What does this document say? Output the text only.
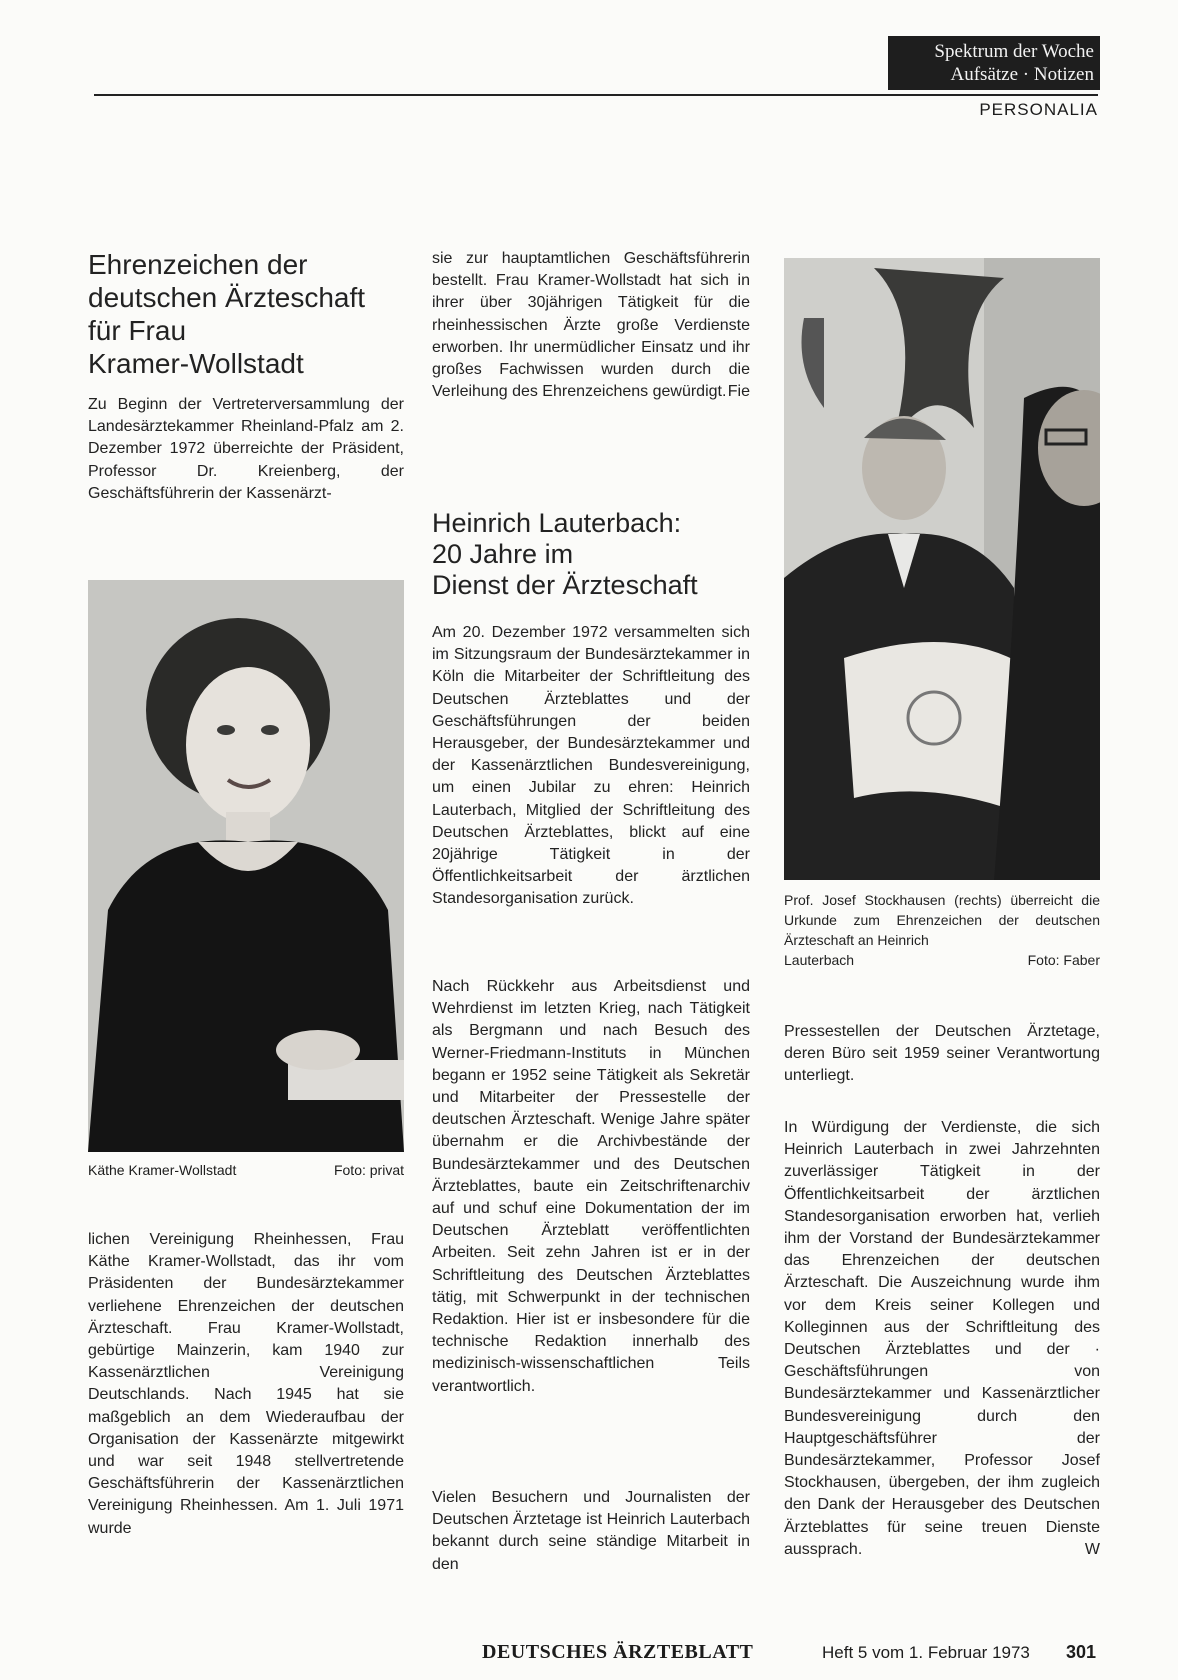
Spektrum der Woche
Aufsätze · Notizen
PERSONALIA
Ehrenzeichen der
deutschen Ärzteschaft
für Frau
Kramer-Wollstadt
Zu Beginn der Vertreterversammlung der Landesärztekammer Rheinland-Pfalz am 2. Dezember 1972 überreichte der Präsident, Professor Dr. Kreienberg, der Geschäftsführerin der Kassenärzt-
Käthe Kramer-Wollstadt	Foto: privat
lichen Vereinigung Rheinhessen, Frau Käthe Kramer-Wollstadt, das ihr vom Präsidenten der Bundesärztekammer verliehene Ehrenzeichen der deutschen Ärzteschaft. Frau Kramer-Wollstadt, gebürtige Mainzerin, kam 1940 zur Kassenärztlichen Vereinigung Deutschlands. Nach 1945 hat sie maßgeblich an dem Wiederaufbau der Organisation der Kassenärzte mitgewirkt und war seit 1948 stellvertretende Geschäftsführerin der Kassenärztlichen Vereinigung Rheinhessen. Am 1. Juli 1971 wurde
sie zur hauptamtlichen Geschäftsführerin bestellt. Frau Kramer-Wollstadt hat sich in ihrer über 30jährigen Tätigkeit für die rheinhessischen Ärzte große Verdienste erworben. Ihr unermüdlicher Einsatz und ihr großes Fachwissen wurden durch die Verleihung des Ehrenzeichens gewürdigt. Fie
Heinrich Lauterbach:
20 Jahre im
Dienst der Ärzteschaft
Am 20. Dezember 1972 versammelten sich im Sitzungsraum der Bundesärztekammer in Köln die Mitarbeiter der Schriftleitung des Deutschen Ärzteblattes und der Geschäftsführungen der beiden Herausgeber, der Bundesärztekammer und der Kassenärztlichen Bundesvereinigung, um einen Jubilar zu ehren: Heinrich Lauterbach, Mitglied der Schriftleitung des Deutschen Ärzteblattes, blickt auf eine 20jährige Tätigkeit in der Öffentlichkeitsarbeit der ärztlichen Standesorganisation zurück.
Nach Rückkehr aus Arbeitsdienst und Wehrdienst im letzten Krieg, nach Tätigkeit als Bergmann und nach Besuch des Werner-Friedmann-Instituts in München begann er 1952 seine Tätigkeit als Sekretär und Mitarbeiter der Pressestelle der deutschen Ärzteschaft. Wenige Jahre später übernahm er die Archivbestände der Bundesärztekammer und des Deutschen Ärzteblattes, baute ein Zeitschriftenarchiv auf und schuf eine Dokumentation der im Deutschen Ärzteblatt veröffentlichten Arbeiten. Seit zehn Jahren ist er in der Schriftleitung des Deutschen Ärzteblattes tätig, mit Schwerpunkt in der technischen Redaktion. Hier ist er insbesondere für die technische Redaktion innerhalb des medizinisch-wissenschaftlichen Teils verantwortlich.
Vielen Besuchern und Journalisten der Deutschen Ärztetage ist Heinrich Lauterbach bekannt durch seine ständige Mitarbeit in den
Prof. Josef Stockhausen (rechts) überreicht die Urkunde zum Ehrenzeichen der deutschen Ärzteschaft an Heinrich
Lauterbach	Foto: Faber
Pressestellen der Deutschen Ärztetage, deren Büro seit 1959 seiner Verantwortung unterliegt.
In Würdigung der Verdienste, die sich Heinrich Lauterbach in zwei Jahrzehnten zuverlässiger Tätigkeit in der Öffentlichkeitsarbeit der ärztlichen Standesorganisation erworben hat, verlieh ihm der Vorstand der Bundesärztekammer das Ehrenzeichen der deutschen Ärzteschaft. Die Auszeichnung wurde ihm vor dem Kreis seiner Kollegen und Kolleginnen aus der Schriftleitung des Deutschen Ärzteblattes und der · Geschäftsführungen von Bundesärztekammer und Kassenärztlicher Bundesvereinigung durch den Hauptgeschäftsführer der Bundesärztekammer, Professor Josef Stockhausen, übergeben, der ihm zugleich den Dank der Herausgeber des Deutschen Ärzteblattes für seine treuen Dienste aussprach.	W
DEUTSCHES ÄRZTEBLATT	Heft 5 vom 1. Februar 1973 301
